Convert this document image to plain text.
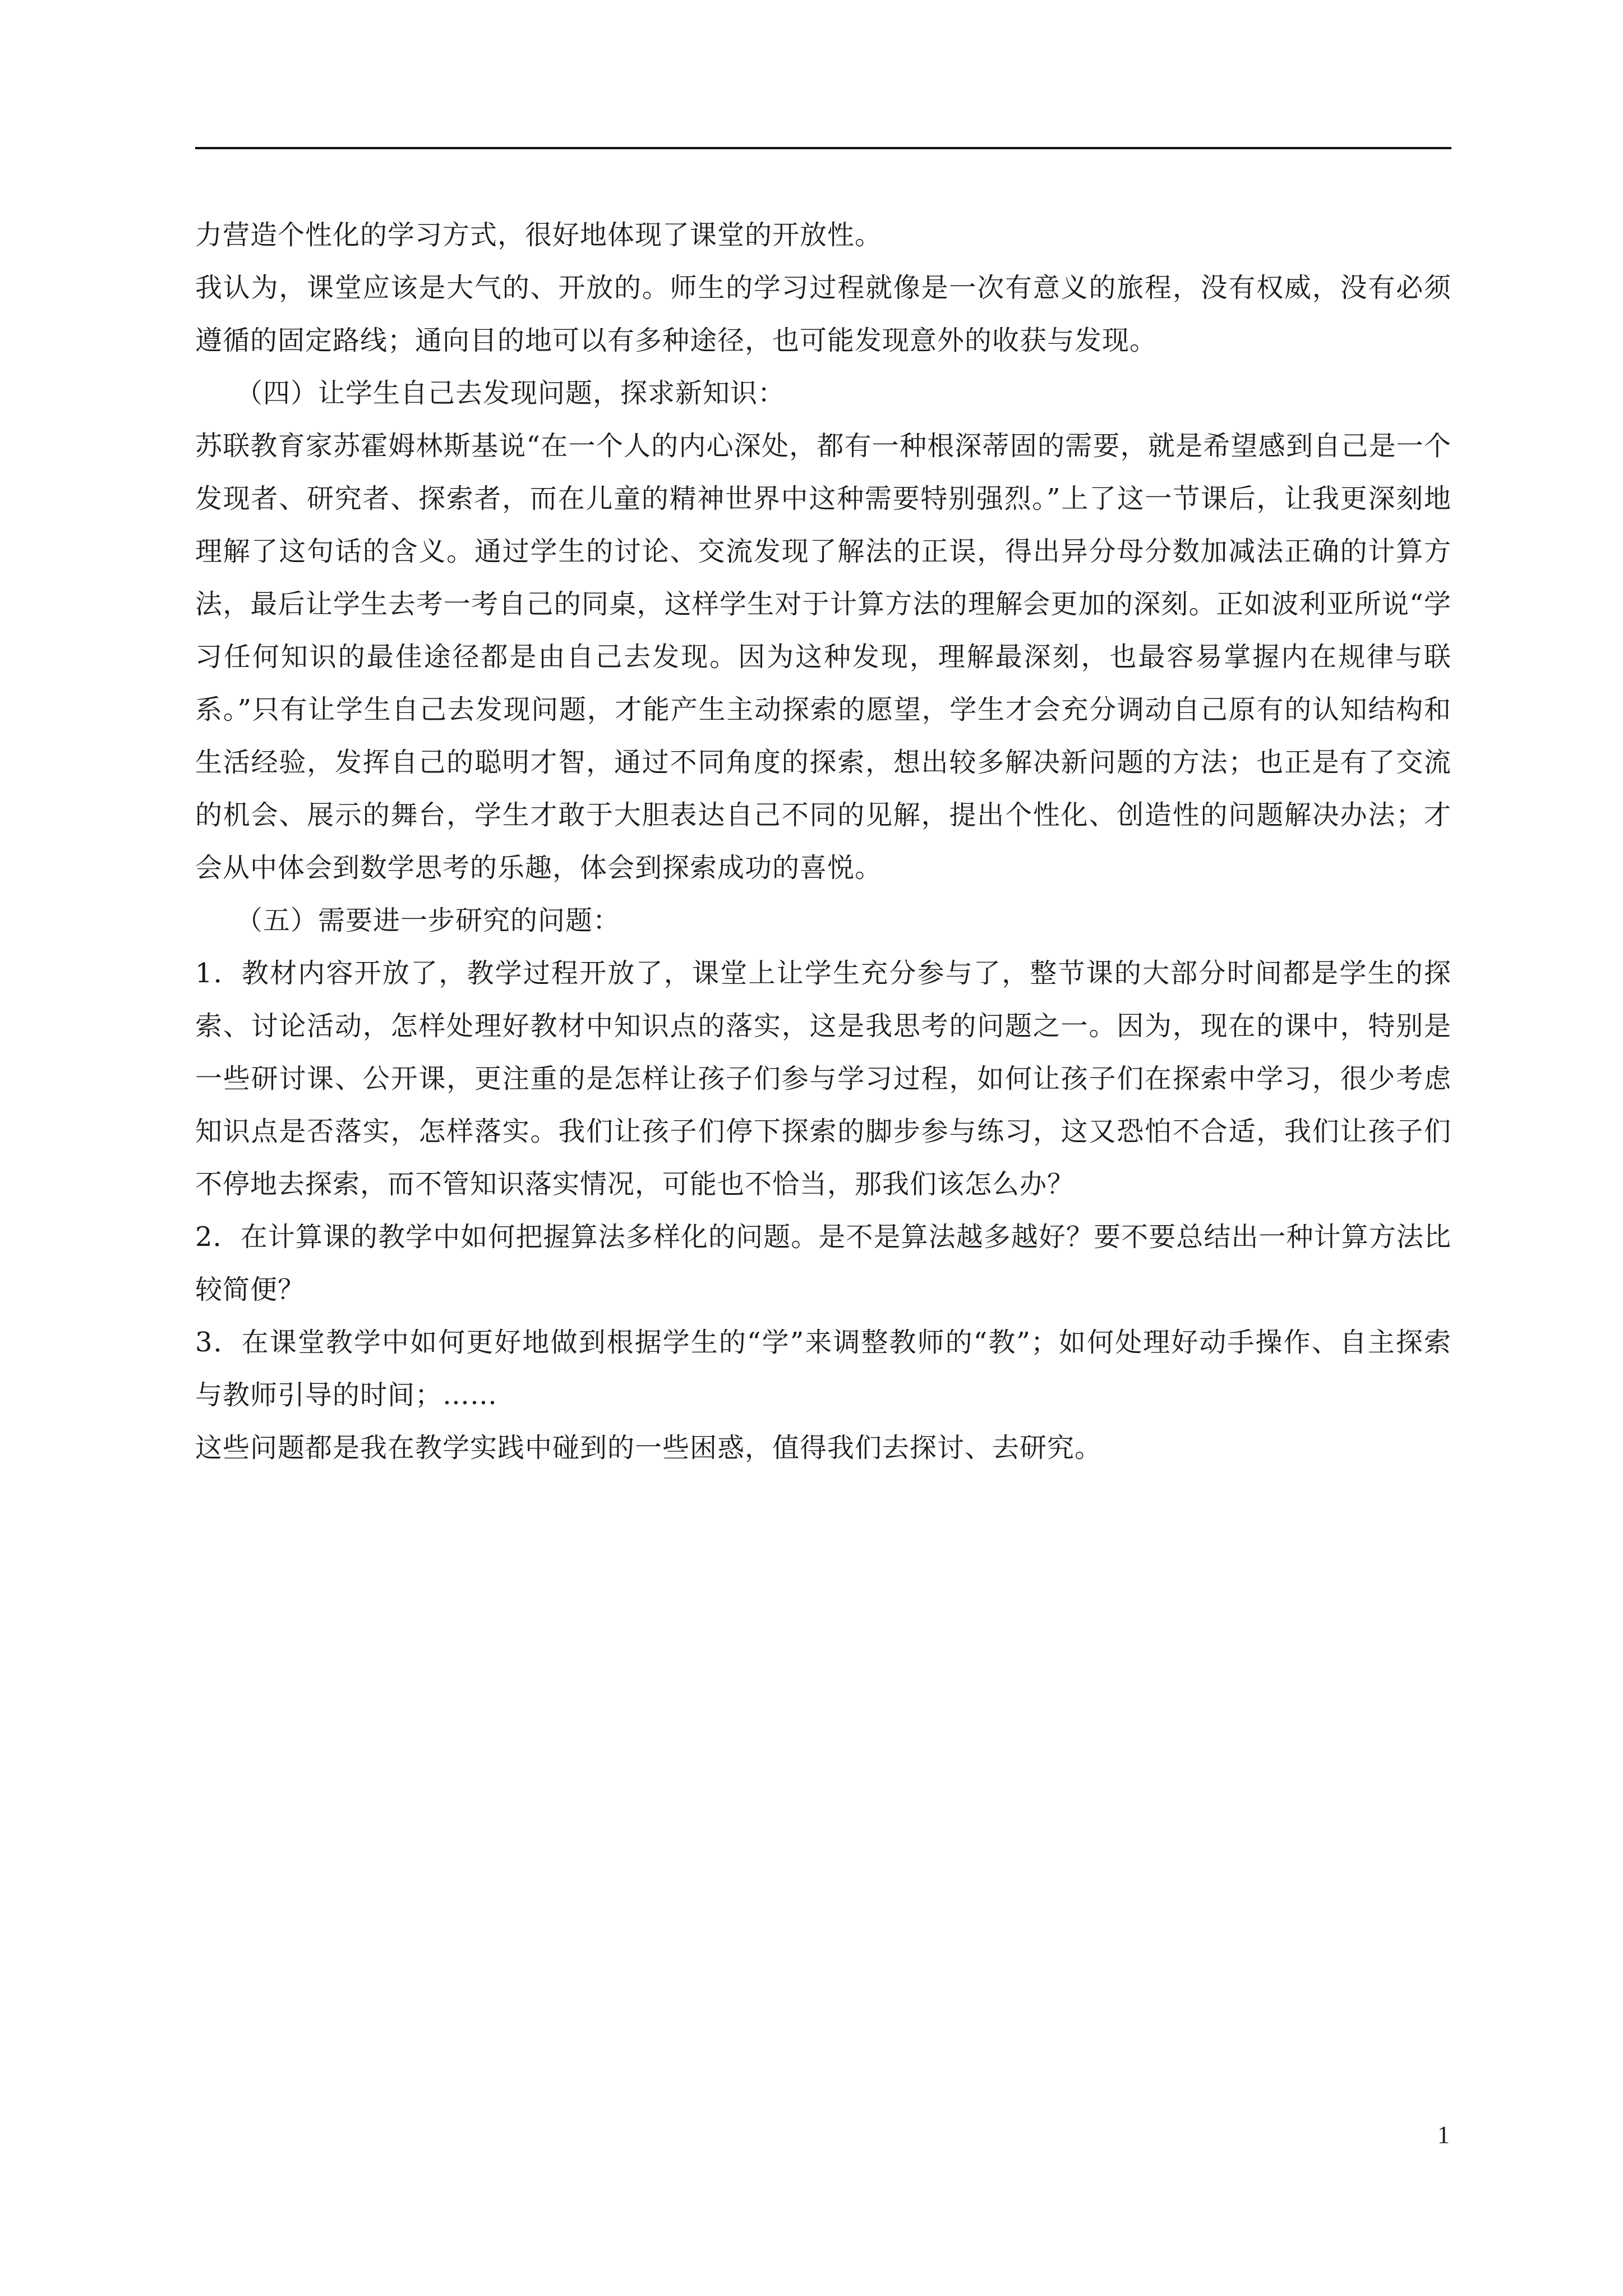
力营造个性化的学习方式，很好地体现了课堂的开放性。

我认为，课堂应该是大气的、开放的。师生的学习过程就像是一次有意义的旅程，没有权威，没有必须遵循的固定路线；通向目的地可以有多种途径，也可能发现意外的收获与发现。

（四）让学生自己去发现问题，探求新知识：

苏联教育家苏霍姆林斯基说“在一个人的内心深处，都有一种根深蒂固的需要，就是希望感到自己是一个发现者、研究者、探索者，而在儿童的精神世界中这种需要特别强烈。”上了这一节课后，让我更深刻地理解了这句话的含义。通过学生的讨论、交流发现了解法的正误，得出异分母分数加减法正确的计算方法，最后让学生去考一考自己的同桌，这样学生对于计算方法的理解会更加的深刻。正如波利亚所说“学习任何知识的最佳途径都是由自己去发现。因为这种发现，理解最深刻，也最容易掌握内在规律与联系。”只有让学生自己去发现问题，才能产生主动探索的愿望，学生才会充分调动自己原有的认知结构和生活经验，发挥自己的聪明才智，通过不同角度的探索，想出较多解决新问题的方法；也正是有了交流的机会、展示的舞台，学生才敢于大胆表达自己不同的见解，提出个性化、创造性的问题解决办法；才会从中体会到数学思考的乐趣，体会到探索成功的喜悦。

（五）需要进一步研究的问题：

1．教材内容开放了，教学过程开放了，课堂上让学生充分参与了，整节课的大部分时间都是学生的探索、讨论活动，怎样处理好教材中知识点的落实，这是我思考的问题之一。因为，现在的课中，特别是一些研讨课、公开课，更注重的是怎样让孩子们参与学习过程，如何让孩子们在探索中学习，很少考虑知识点是否落实，怎样落实。我们让孩子们停下探索的脚步参与练习，这又恐怕不合适，我们让孩子们不停地去探索，而不管知识落实情况，可能也不恰当，那我们该怎么办？

2．在计算课的教学中如何把握算法多样化的问题。是不是算法越多越好？要不要总结出一种计算方法比较简便？

3．在课堂教学中如何更好地做到根据学生的“学”来调整教师的“教”；如何处理好动手操作、自主探索与教师引导的时间；……

这些问题都是我在教学实践中碰到的一些困惑，值得我们去探讨、去研究。

1
